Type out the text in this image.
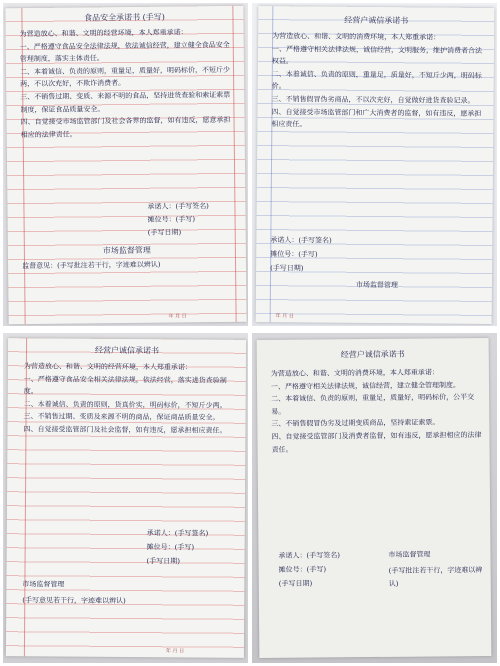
食品安全承诺书 (手写)

为营造放心、和谐、文明的经营环境，本人郑重承诺：

一、严格遵守食品安全法律法规，依法诚信经营，建立健全食品安全管理制度，落实主体责任。

二、本着诚信、负责的原则，重量足，质量好，明码标价，不短斤少两，不以次充好，不欺诈消费者。

三、不销售过期、变质、来源不明的食品，坚持进货查验和索证索票制度，保证食品质量安全。

四、自觉接受市场监管部门及社会各界的监督，如有违反，愿意承担相应的法律责任。

承诺人：(手写签名)
摊位号：(手写)
(手写日期)
市场监督管理

监督意见：(手写批注若干行，字迹难以辨认)

年 月 日
经营户诚信承诺书

为营造放心、和谐、文明的消费环境，本人郑重承诺：

一、严格遵守相关法律法规，诚信经营，文明服务，维护消费者合法权益。

二、本着诚信、负责的原则，重量足，质量好，不短斤少两，明码标价。

三、不销售假冒伪劣商品，不以次充好，自觉做好进货查验记录。

四、自觉接受市场监管部门和广大消费者的监督，如有违反，愿承担相应责任。

承诺人：(手写签名)
摊位号：(手写)
(手写日期)
市场监督管理
年 月 日
经营户诚信承诺书

为营造放心、和谐、文明的经营环境，本人郑重承诺：

一、严格遵守食品安全相关法律法规，依法经营，落实进货查验制度。

二、本着诚信、负责的原则，货真价实，明码标价，不短斤少两。

三、不销售过期、变质及来源不明的商品，保证商品质量安全。

四、自觉接受监管部门及社会监督，如有违反，愿承担相应责任。

承诺人：(手写签名)
摊位号：(手写)
(手写日期)
市场监督管理

(手写意见若干行，字迹难以辨认)

年 月 日
经营户诚信承诺书

为营造放心、和谐、文明的消费环境，本人郑重承诺：

一、严格遵守相关法律法规，诚信经营，建立健全管理制度。

二、本着诚信、负责的原则，重量足，质量好，明码标价，公平交易。

三、不销售假冒伪劣及过期变质商品，坚持索证索票。

四、自觉接受监管部门及消费者监督，如有违反，愿承担相应的法律责任。

承诺人：(手写签名)
摊位号：(手写)
(手写日期)
市场监督管理

(手写批注若干行，字迹难以辨认)
